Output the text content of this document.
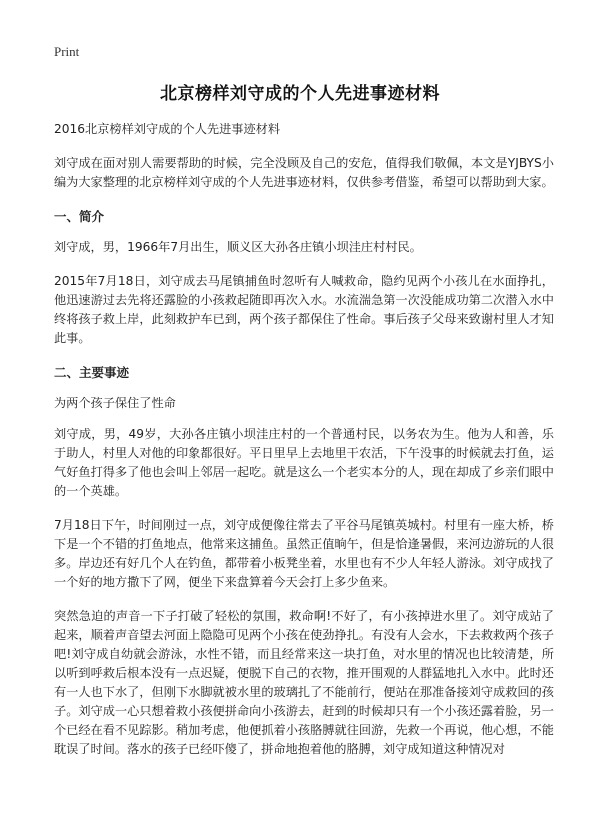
Print
北京榜样刘守成的个人先进事迹材料

2016北京榜样刘守成的个人先进事迹材料

刘守成在面对别人需要帮助的时候，完全没顾及自己的安危，值得我们敬佩，本文是YJBYS小编为大家整理的北京榜样刘守成的个人先进事迹材料，仅供参考借鉴，希望可以帮助到大家。

一、简介

刘守成，男，1966年7月出生，顺义区大孙各庄镇小坝洼庄村村民。

2015年7月18日，刘守成去马尾镇捕鱼时忽听有人喊救命，隐约见两个小孩儿在水面挣扎，他迅速游过去先将还露脸的小孩救起随即再次入水。水流湍急第一次没能成功第二次潜入水中终将孩子救上岸，此刻救护车已到，两个孩子都保住了性命。事后孩子父母来致谢村里人才知此事。

二、主要事迹

为两个孩子保住了性命

刘守成，男，49岁，大孙各庄镇小坝洼庄村的一个普通村民，以务农为生。他为人和善，乐于助人，村里人对他的印象都很好。平日里早上去地里干农活，下午没事的时候就去打鱼，运气好鱼打得多了他也会叫上邻居一起吃。就是这么一个老实本分的人，现在却成了乡亲们眼中的一个英雄。

7月18日下午，时间刚过一点，刘守成便像往常去了平谷马尾镇英城村。村里有一座大桥，桥下是一个不错的打鱼地点，他常来这捕鱼。虽然正值晌午，但是恰逢暑假，来河边游玩的人很多。岸边还有好几个人在钓鱼，都带着小板凳坐着，水里也有不少人年轻人游泳。刘守成找了一个好的地方撒下了网，便坐下来盘算着今天会打上多少鱼来。

突然急迫的声音一下子打破了轻松的氛围，救命啊!不好了，有小孩掉进水里了。刘守成站了起来，顺着声音望去河面上隐隐可见两个小孩在使劲挣扎。有没有人会水，下去救救两个孩子吧!刘守成自幼就会游泳，水性不错，而且经常来这一块打鱼，对水里的情况也比较清楚，所以听到呼救后根本没有一点迟疑，便脱下自己的衣物，推开围观的人群猛地扎入水中。此时还有一人也下水了，但刚下水脚就被水里的玻璃扎了不能前行，便站在那准备接刘守成救回的孩子。刘守成一心只想着救小孩便拼命向小孩游去，赶到的时候却只有一个小孩还露着脸，另一个已经在看不见踪影。稍加考虑，他便抓着小孩胳膊就往回游，先救一个再说，他心想，不能耽误了时间。落水的孩子已经吓傻了，拼命地抱着他的胳膊，刘守成知道这种情况对
